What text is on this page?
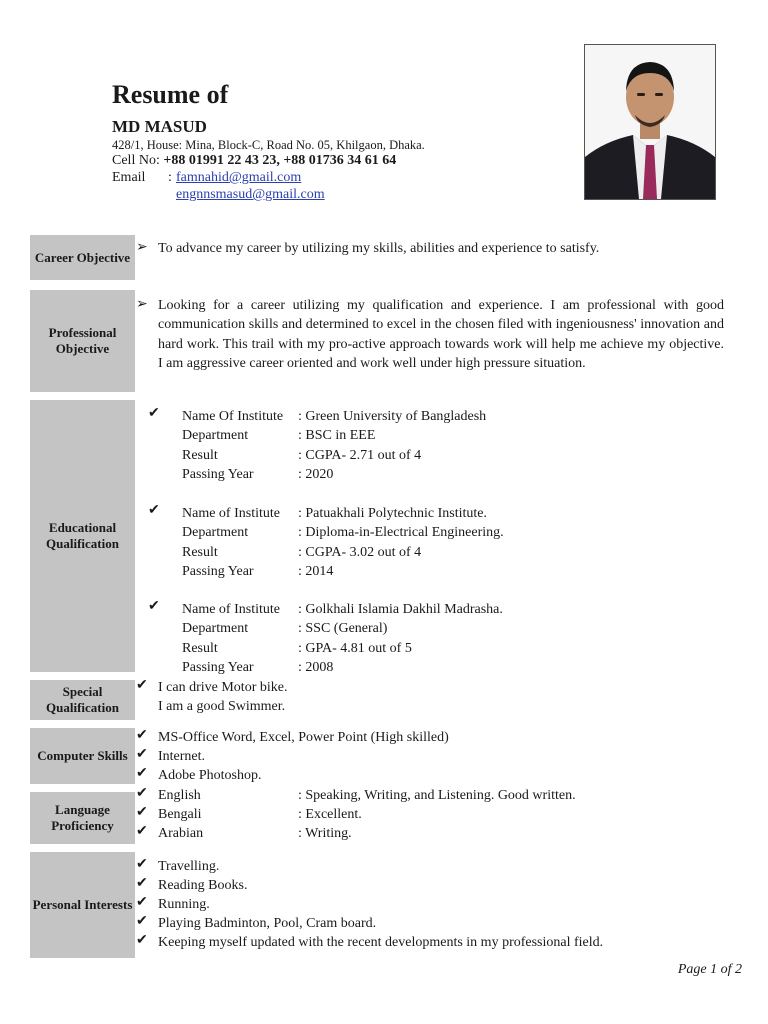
Resume of
MD MASUD
428/1, House: Mina, Block-C, Road No. 05, Khilgaon, Dhaka.
Cell No: +88 01991 22 43 23, +88 01736 34 61 64
Email : famnahid@gmail.com
engnnsmasud@gmail.com
Career Objective
➢ To advance my career by utilizing my skills, abilities and experience to satisfy.
Professional Objective
➢ Looking for a career utilizing my qualification and experience. I am professional with good communication skills and determined to excel in the chosen filed with ingeniousness' innovation and hard work. This trail with my pro-active approach towards work will help me achieve my objective. I am aggressive career oriented and work well under high pressure situation.
Educational Qualification
✔ Name Of Institute : Green University of Bangladesh
Department	: BSC in EEE
Result	: CGPA- 2.71 out of 4
Passing Year	: 2020
✔ Name of Institute : Patuakhali Polytechnic Institute.
Department	: Diploma-in-Electrical Engineering.
Result	: CGPA- 3.02 out of 4
Passing Year	: 2014
✔ Name of Institute : Golkhali Islamia Dakhil Madrasha.
Department	: SSC (General)
Result	: GPA- 4.81 out of 5
Passing Year	: 2008
Special Qualification
✔ I can drive Motor bike.
I am a good Swimmer.
Computer Skills
✔ MS-Office Word, Excel, Power Point (High skilled)
✔ Internet.
✔ Adobe Photoshop.
Language Proficiency
✔ English	: Speaking, Writing, and Listening. Good written.
✔ Bengali	: Excellent.
✔ Arabian	: Writing.
Personal Interests
✔ Travelling.
✔ Reading Books.
✔ Running.
✔ Playing Badminton, Pool, Cram board.
✔ Keeping myself updated with the recent developments in my professional field.
Page 1 of 2
